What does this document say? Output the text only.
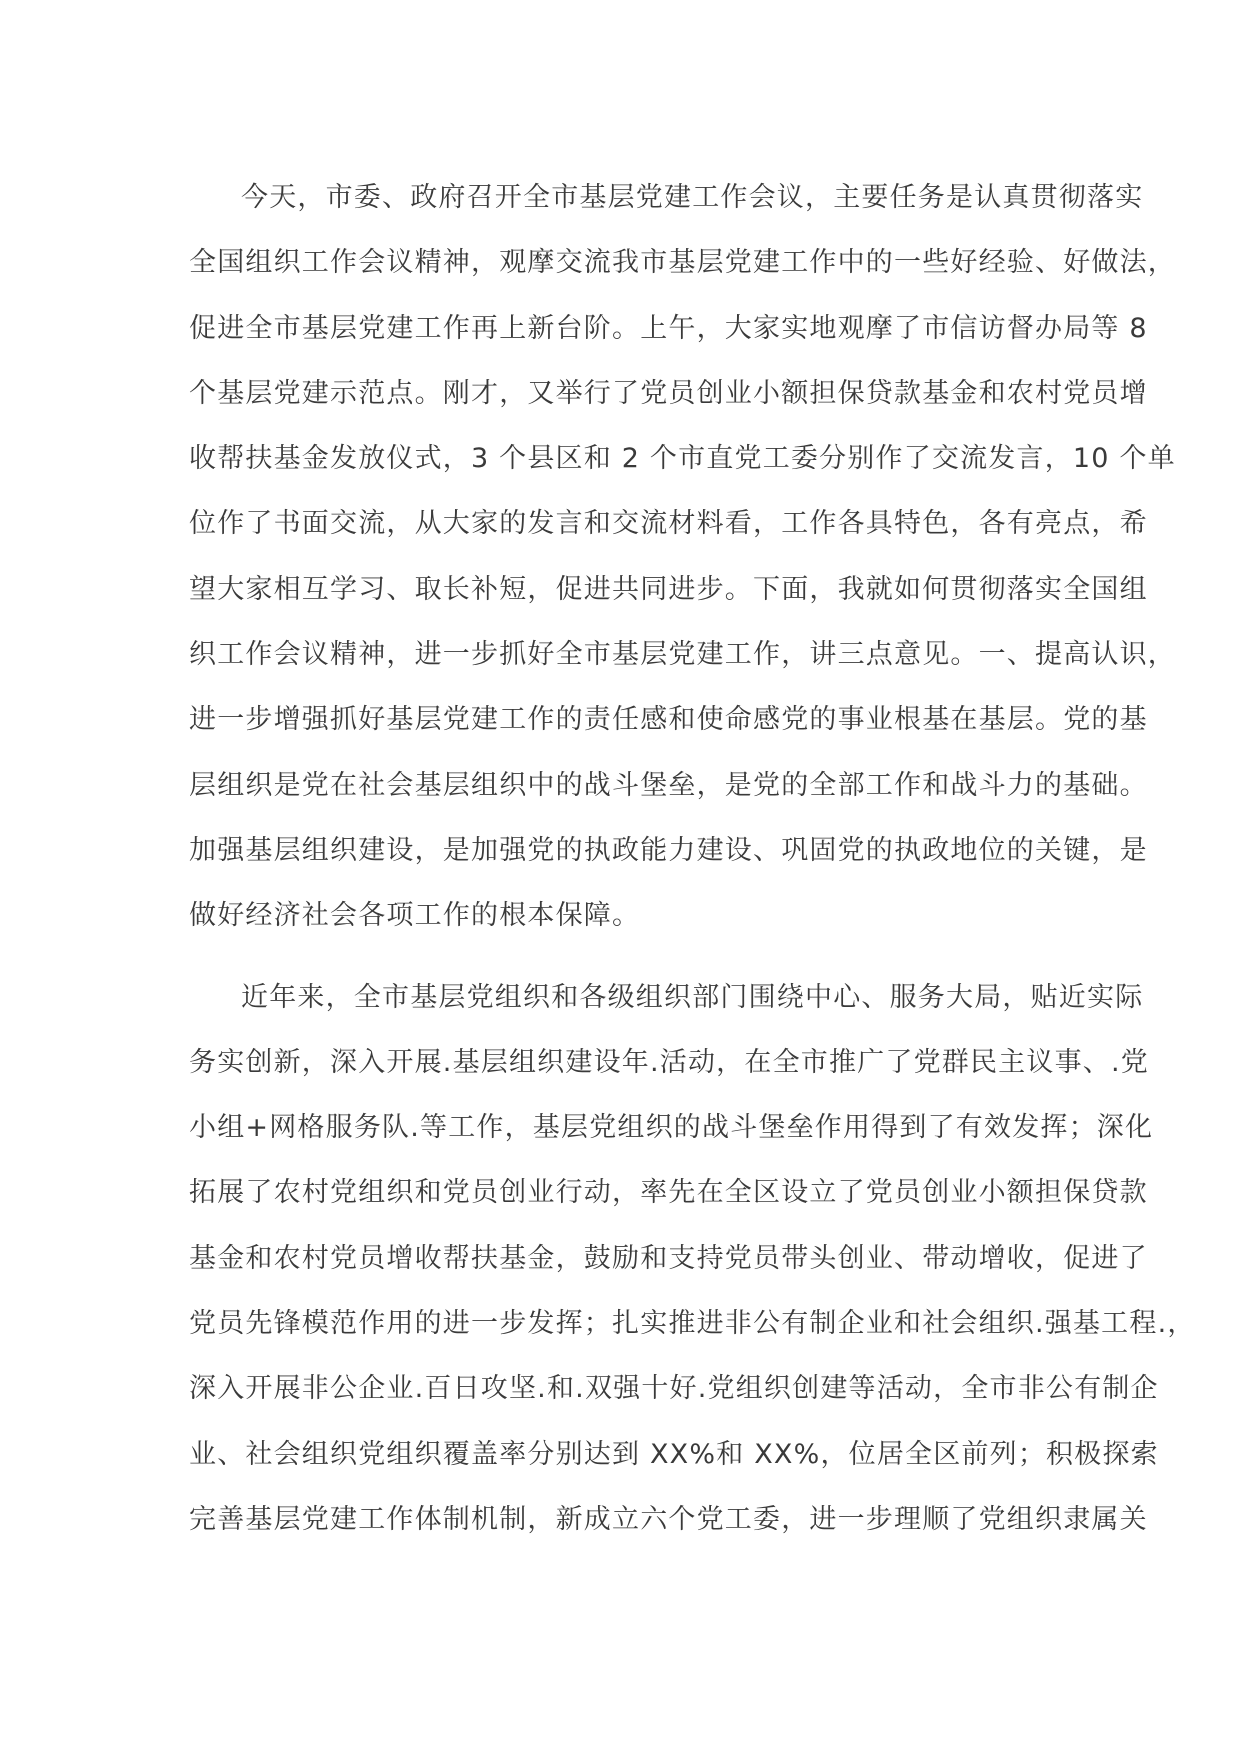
今天，市委、政府召开全市基层党建工作会议，主要任务是认真贯彻落实
全国组织工作会议精神，观摩交流我市基层党建工作中的一些好经验、好做法，
促进全市基层党建工作再上新台阶。上午，大家实地观摩了市信访督办局等 8
个基层党建示范点。刚才，又举行了党员创业小额担保贷款基金和农村党员增
收帮扶基金发放仪式，3 个县区和 2 个市直党工委分别作了交流发言，10 个单
位作了书面交流，从大家的发言和交流材料看，工作各具特色，各有亮点，希
望大家相互学习、取长补短，促进共同进步。下面，我就如何贯彻落实全国组
织工作会议精神，进一步抓好全市基层党建工作，讲三点意见。一、提高认识，
进一步增强抓好基层党建工作的责任感和使命感党的事业根基在基层。党的基
层组织是党在社会基层组织中的战斗堡垒，是党的全部工作和战斗力的基础。
加强基层组织建设，是加强党的执政能力建设、巩固党的执政地位的关键，是
做好经济社会各项工作的根本保障。
近年来，全市基层党组织和各级组织部门围绕中心、服务大局，贴近实际
务实创新，深入开展.基层组织建设年.活动，在全市推广了党群民主议事、.党
小组+网格服务队.等工作，基层党组织的战斗堡垒作用得到了有效发挥；深化
拓展了农村党组织和党员创业行动，率先在全区设立了党员创业小额担保贷款
基金和农村党员增收帮扶基金，鼓励和支持党员带头创业、带动增收，促进了
党员先锋模范作用的进一步发挥；扎实推进非公有制企业和社会组织.强基工程.，
深入开展非公企业.百日攻坚.和.双强十好.党组织创建等活动，全市非公有制企
业、社会组织党组织覆盖率分别达到 XX%和 XX%，位居全区前列；积极探索
完善基层党建工作体制机制，新成立六个党工委，进一步理顺了党组织隶属关
